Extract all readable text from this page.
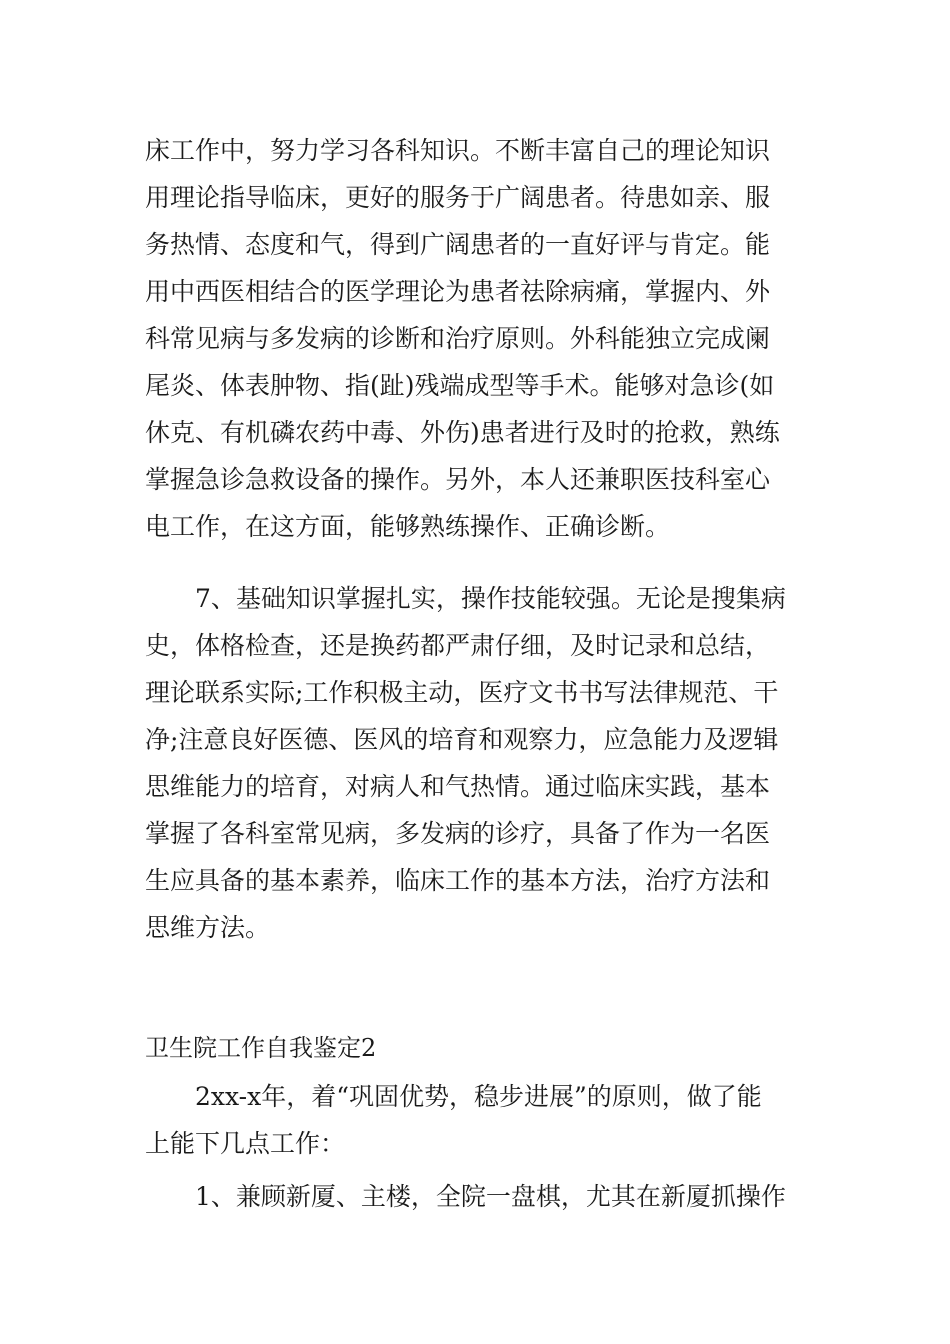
床工作中，努力学习各科知识。不断丰富自己的理论知识
用理论指导临床，更好的服务于广阔患者。待患如亲、服
务热情、态度和气，得到广阔患者的一直好评与肯定。能
用中西医相结合的医学理论为患者祛除病痛，掌握内、外
科常见病与多发病的诊断和治疗原则。外科能独立完成阑
尾炎、体表肿物、指(趾)残端成型等手术。能够对急诊(如
休克、有机磷农药中毒、外伤)患者进行及时的抢救，熟练
掌握急诊急救设备的操作。另外，本人还兼职医技科室心
电工作，在这方面，能够熟练操作、正确诊断。
7、基础知识掌握扎实，操作技能较强。无论是搜集病
史，体格检查，还是换药都严肃仔细，及时记录和总结，
理论联系实际;工作积极主动，医疗文书书写法律规范、干
净;注意良好医德、医风的培育和观察力，应急能力及逻辑
思维能力的培育，对病人和气热情。通过临床实践，基本
掌握了各科室常见病，多发病的诊疗，具备了作为一名医
生应具备的基本素养，临床工作的基本方法，治疗方法和
思维方法。
卫生院工作自我鉴定2
2xx-x年，着“巩固优势，稳步进展”的原则，做了能
上能下几点工作：
1、兼顾新厦、主楼，全院一盘棋，尤其在新厦抓操作
